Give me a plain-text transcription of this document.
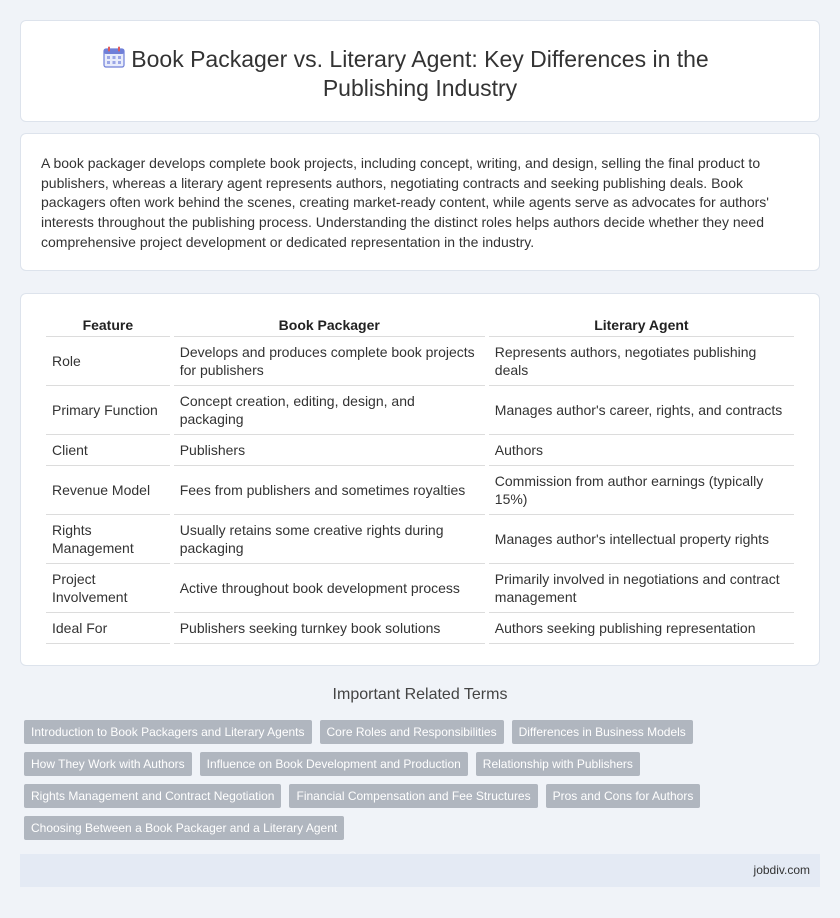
Book Packager vs. Literary Agent: Key Differences in the Publishing Industry

A book packager develops complete book projects, including concept, writing, and design, selling the final product to publishers, whereas a literary agent represents authors, negotiating contracts and seeking publishing deals. Book packagers often work behind the scenes, creating market-ready content, while agents serve as advocates for authors' interests throughout the publishing process. Understanding the distinct roles helps authors decide whether they need comprehensive project development or dedicated representation in the industry.

Feature	Book Packager	Literary Agent
Role	Develops and produces complete book projects for publishers	Represents authors, negotiates publishing deals
Primary Function	Concept creation, editing, design, and packaging	Manages author's career, rights, and contracts
Client	Publishers	Authors
Revenue Model	Fees from publishers and sometimes royalties	Commission from author earnings (typically 15%)
Rights Management	Usually retains some creative rights during packaging	Manages author's intellectual property rights
Project Involvement	Active throughout book development process	Primarily involved in negotiations and contract management
Ideal For	Publishers seeking turnkey book solutions	Authors seeking publishing representation
Important Related Terms
Introduction to Book Packagers and Literary Agents	Core Roles and Responsibilities	Differences in Business Models
How They Work with Authors	Influence on Book Development and Production	Relationship with Publishers
Rights Management and Contract Negotiation	Financial Compensation and Fee Structures	Pros and Cons for Authors
Choosing Between a Book Packager and a Literary Agent
jobdiv.com
